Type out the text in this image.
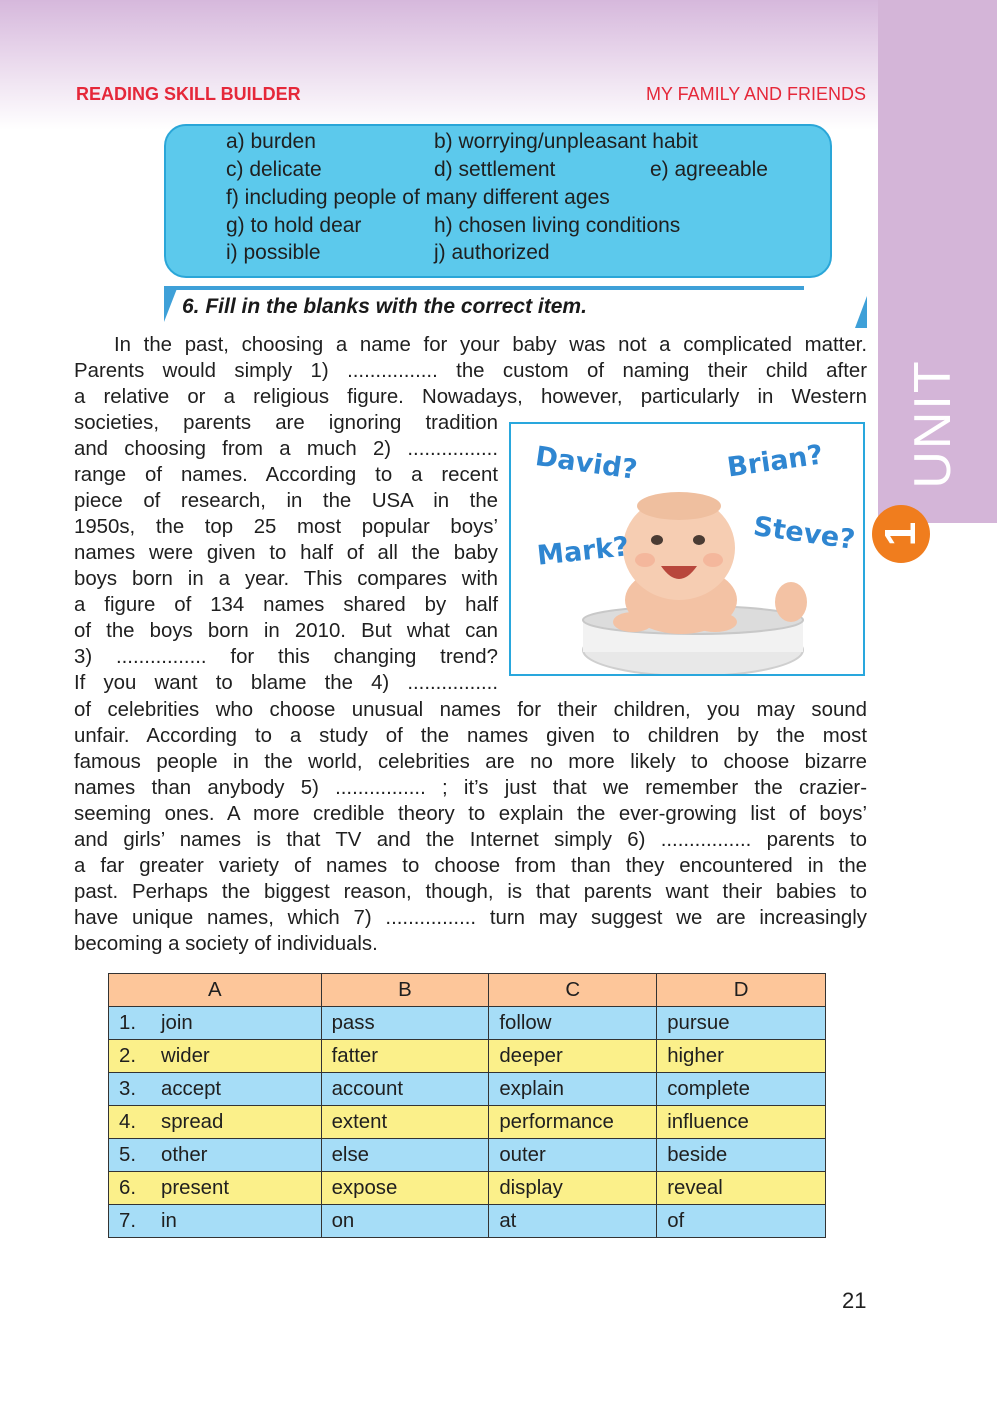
UNIT
1
READING SKILL BUILDER	MY FAMILY AND FRIENDS
a) burden	b) worrying/unpleasant habit
c) delicate	d) settlement	e) agreeable
f) including people of many different ages
g) to hold dear	h) chosen living conditions
i) possible	j) authorized
6. Fill in the blanks with the correct item.
In the past, choosing a name for your baby was not a complicated matter.
Parents would simply 1) ................ the custom of naming their child after
a relative or a religious figure. Nowadays, however, particularly in Western
societies, parents are ignoring tradition
and choosing from a much 2) ................
range of names. According to a recent
piece of research, in the USA in the
1950s, the top 25 most popular boys’
names were given to half of all the baby
boys born in a year. This compares with
a figure of 134 names shared by half
of the boys born in 2010. But what can
3) ................ for this changing trend?
If you want to blame the 4) ................
David?	Brian?
Mark?	Steve?
of celebrities who choose unusual names for their children, you may sound
unfair. According to a study of the names given to children by the most
famous people in the world, celebrities are no more likely to choose bizarre
names than anybody 5) ................ ; it’s just that we remember the crazier-
seeming ones. A more credible theory to explain the ever-growing list of boys’
and girls’ names is that TV and the Internet simply 6) ................ parents to
a far greater variety of names to choose from than they encountered in the
past. Perhaps the biggest reason, though, is that parents want their babies to
have unique names, which 7) ................ turn may suggest we are increasingly
becoming a society of individuals.
A	B	C	D
1. join	pass	follow	pursue
2. wider	fatter	deeper	higher
3. accept	account	explain	complete
4. spread	extent	performance	influence
5. other	else	outer	beside
6. present	expose	display	reveal
7. in	on	at	of
21
